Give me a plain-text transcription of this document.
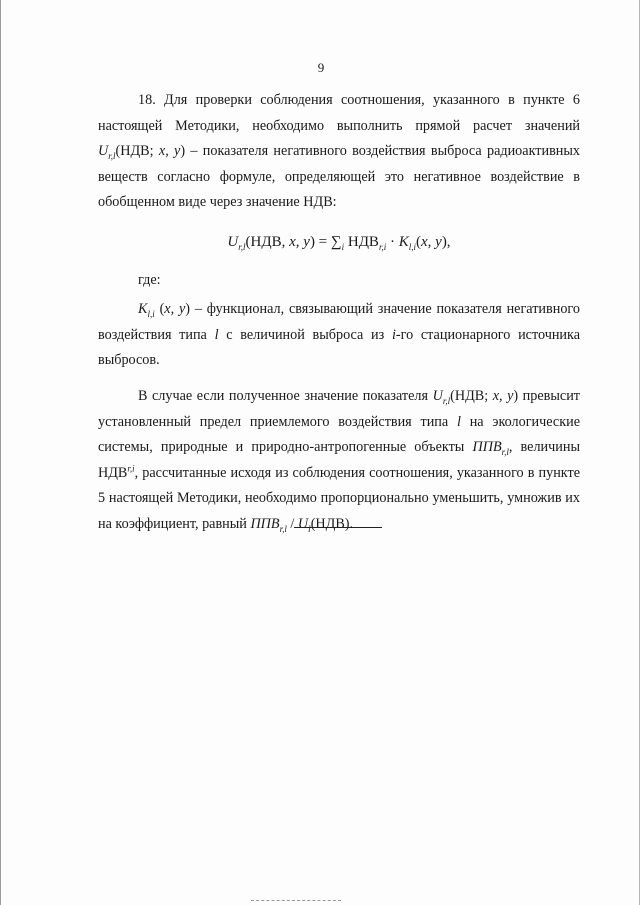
9

18. Для проверки соблюдения соотношения, указанного в пункте 6 настоящей Методики, необходимо выполнить прямой расчет значений $U_{r,l}(НДВ$; x, y) – показателя негативного воздействия выброса радиоактивных веществ согласно формуле, определяющей это негативное воздействие в обобщенном виде через значение НДВ:

$U_{r,l}(НДВ$, x, $y) = \sum_i$ $НДВ_{r,i} \cdot K_{l,i}(x$, y),

где:

$K_{l,i}$ (x, y) – функционал, связывающий значение показателя негативного воздействия типа l с величиной выброса из i-го стационарного источника выбросов.

В случае если полученное значение показателя $U_{r,l}(НДВ$; x, y) превысит установленный предел приемлемого воздействия типа l на экологические системы, природные и природно-антропогенные объекты $ППВ_{r,l}$, величины НДВ$^{r,i}$, рассчитанные исходя из соблюдения соотношения, указанного в пункте 5 настоящей Методики, необходимо пропорционально уменьшить, умножив их на коэффициент, равный $ППВ_{r,l} / U_l(НДВ)$.
